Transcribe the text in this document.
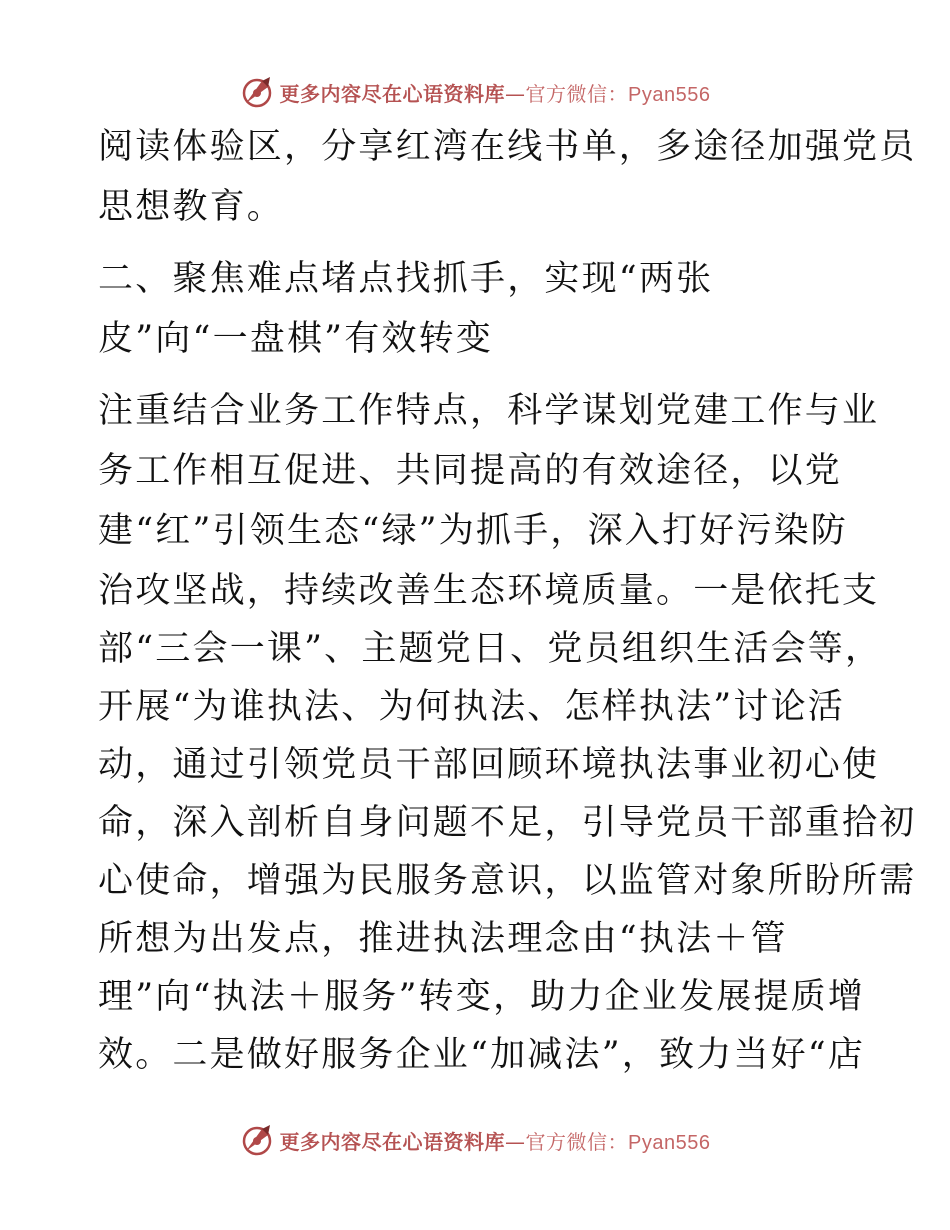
更多内容尽在心语资料库—官方微信：Pyan556
阅读体验区，分享红湾在线书单，多途径加强党员
思想教育。
二、聚焦难点堵点找抓手，实现“两张
皮”向“一盘棋”有效转变
注重结合业务工作特点，科学谋划党建工作与业
务工作相互促进、共同提高的有效途径，以党
建“红”引领生态“绿”为抓手，深入打好污染防
治攻坚战，持续改善生态环境质量。一是依托支
部“三会一课”、主题党日、党员组织生活会等，
开展“为谁执法、为何执法、怎样执法”讨论活
动，通过引领党员干部回顾环境执法事业初心使
命，深入剖析自身问题不足，引导党员干部重拾初
心使命，增强为民服务意识，以监管对象所盼所需
所想为出发点，推进执法理念由“执法＋管
理”向“执法＋服务”转变，助力企业发展提质增
效。二是做好服务企业“加减法”，致力当好“店
更多内容尽在心语资料库—官方微信：Pyan556
